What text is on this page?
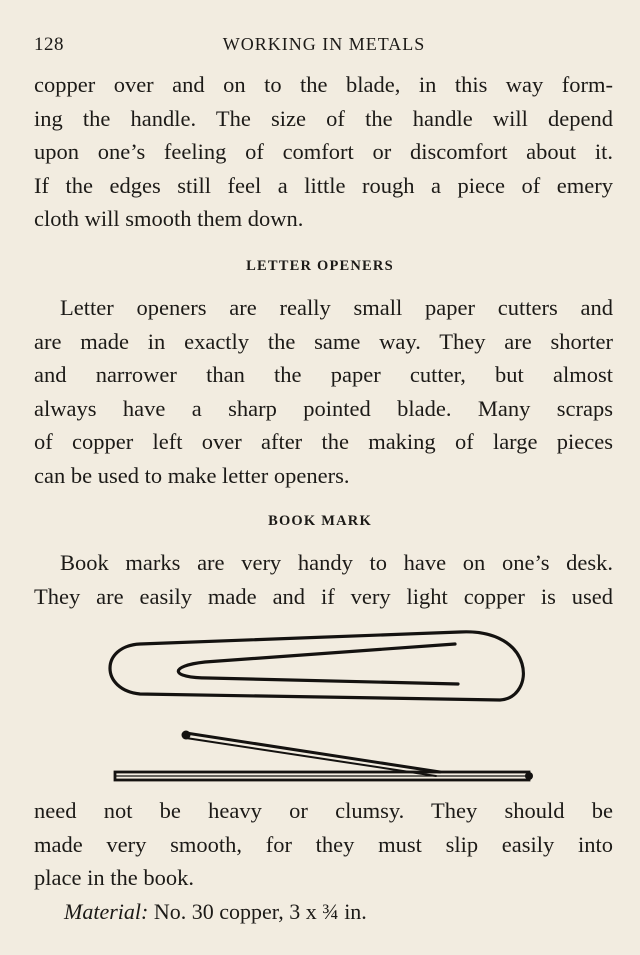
128	WORKING IN METALS
copper over and on to the blade, in this way form-
ing the handle. The size of the handle will depend
upon one’s feeling of comfort or discomfort about it.
If the edges still feel a little rough a piece of emery
cloth will smooth them down.
LETTER OPENERS
Letter openers are really small paper cutters and
are made in exactly the same way. They are shorter
and narrower than the paper cutter, but almost
always have a sharp pointed blade. Many scraps
of copper left over after the making of large pieces
can be used to make letter openers.
BOOK MARK
Book marks are very handy to have on one’s desk.
They are easily made and if very light copper is used
need not be heavy or clumsy. They should be
made very smooth, for they must slip easily into
place in the book.
Material: No. 30 copper, 3 x ¾ in.
